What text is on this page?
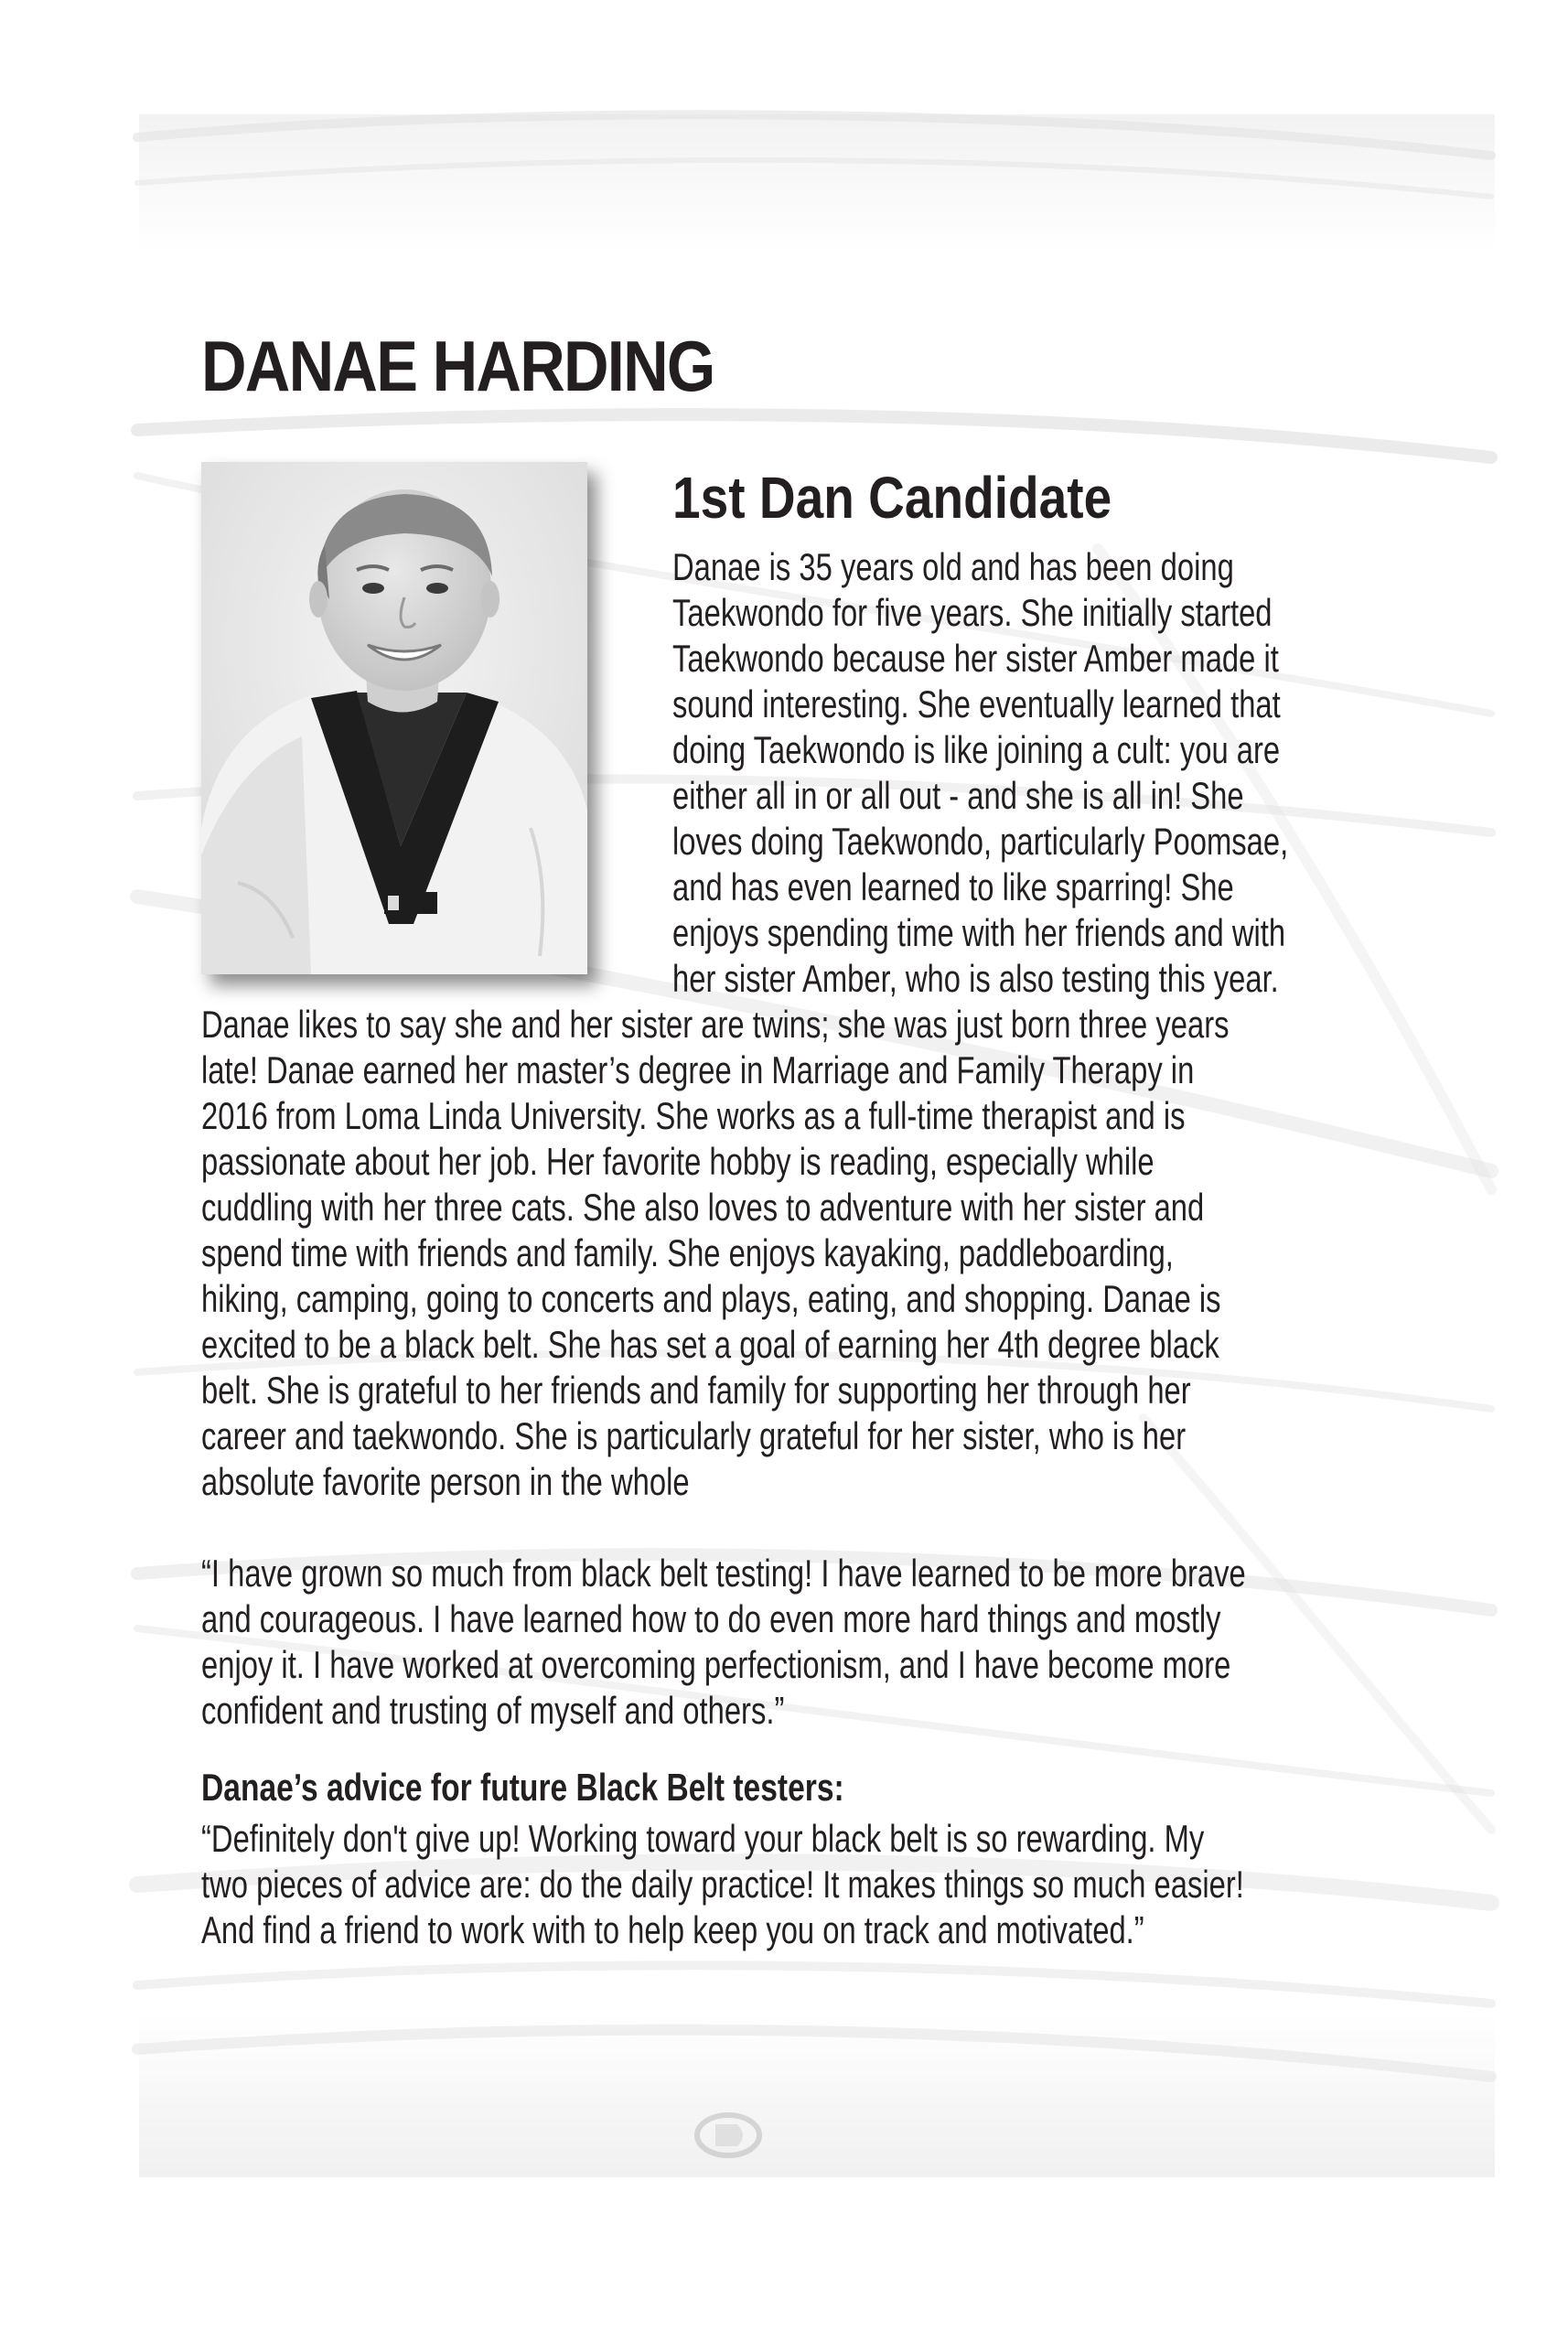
DANAE HARDING
1st Dan Candidate

Danae is 35 years old and has been doing

Taekwondo for five years. She initially started

Taekwondo because her sister Amber made it

sound interesting. She eventually learned that

doing Taekwondo is like joining a cult: you are

either all in or all out - and she is all in! She

loves doing Taekwondo, particularly Poomsae,

and has even learned to like sparring! She

enjoys spending time with her friends and with

her sister Amber, who is also testing this year.

Danae likes to say she and her sister are twins; she was just born three years

late! Danae earned her master’s degree in Marriage and Family Therapy in

2016 from Loma Linda University. She works as a full-time therapist and is

passionate about her job. Her favorite hobby is reading, especially while

cuddling with her three cats. She also loves to adventure with her sister and

spend time with friends and family. She enjoys kayaking, paddleboarding,

hiking, camping, going to concerts and plays, eating, and shopping. Danae is

excited to be a black belt. She has set a goal of earning her 4th degree black

belt. She is grateful to her friends and family for supporting her through her

career and taekwondo. She is particularly grateful for her sister, who is her

absolute favorite person in the whole

“I have grown so much from black belt testing! I have learned to be more brave

and courageous. I have learned how to do even more hard things and mostly

enjoy it. I have worked at overcoming perfectionism, and I have become more

confident and trusting of myself and others.”

Danae’s advice for future Black Belt testers:

“Definitely don't give up! Working toward your black belt is so rewarding. My

two pieces of advice are: do the daily practice! It makes things so much easier!

And find a friend to work with to help keep you on track and motivated.”
